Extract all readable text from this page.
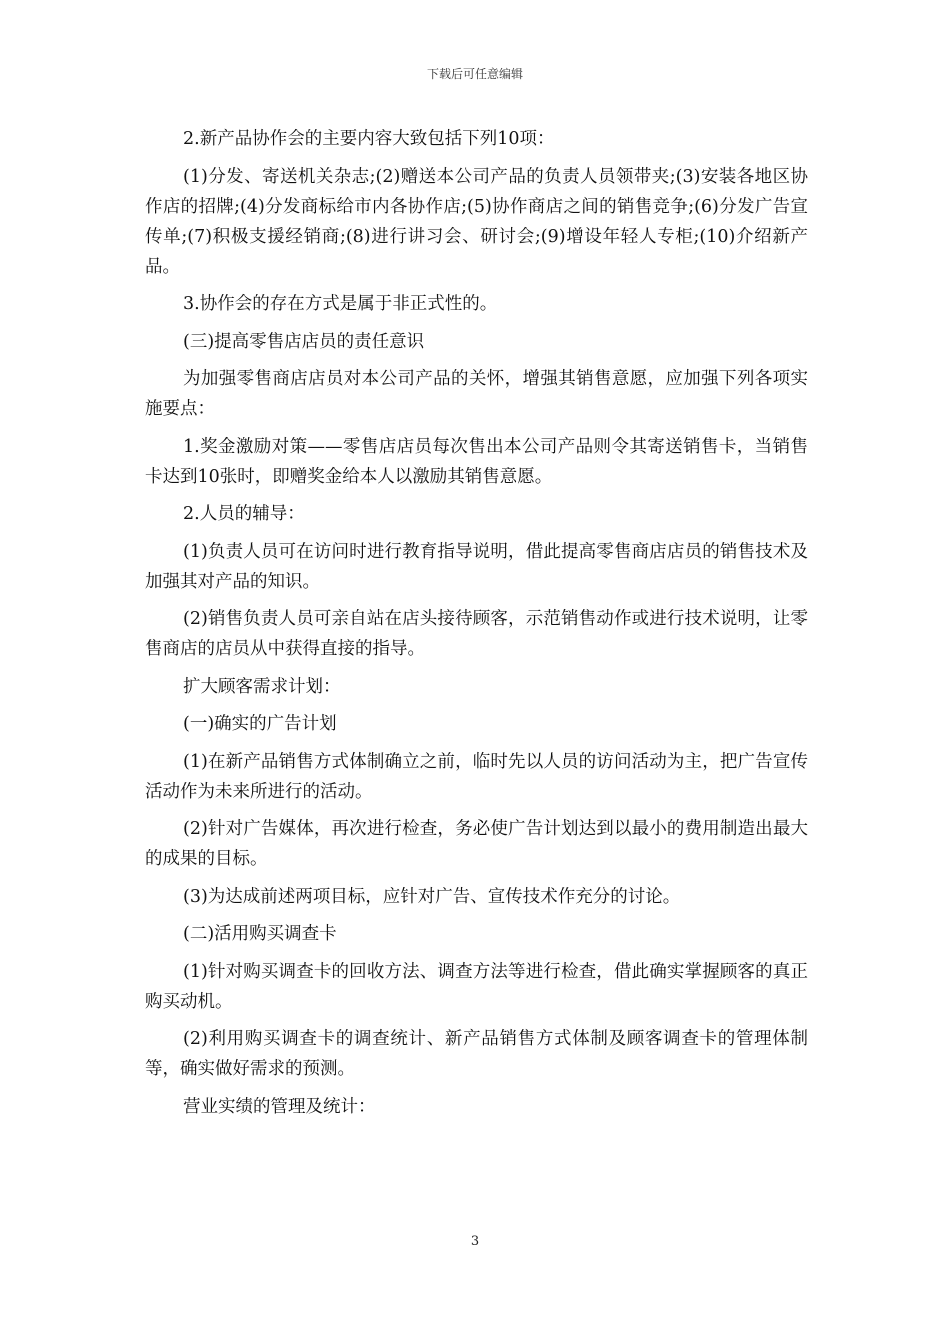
下载后可任意编辑

2.新产品协作会的主要内容大致包括下列10项：

(1)分发、寄送机关杂志;(2)赠送本公司产品的负责人员领带夹;(3)安装各地区协作店的招牌;(4)分发商标给市内各协作店;(5)协作商店之间的销售竞争;(6)分发广告宣传单;(7)积极支援经销商;(8)进行讲习会、研讨会;(9)增设年轻人专柜;(10)介绍新产品。

3.协作会的存在方式是属于非正式性的。

(三)提高零售店店员的责任意识

为加强零售商店店员对本公司产品的关怀，增强其销售意愿，应加强下列各项实施要点：

1.奖金激励对策——零售店店员每次售出本公司产品则令其寄送销售卡，当销售卡达到10张时，即赠奖金给本人以激励其销售意愿。

2.人员的辅导：

(1)负责人员可在访问时进行教育指导说明，借此提高零售商店店员的销售技术及加强其对产品的知识。

(2)销售负责人员可亲自站在店头接待顾客，示范销售动作或进行技术说明，让零售商店的店员从中获得直接的指导。

扩大顾客需求计划：

(一)确实的广告计划

(1)在新产品销售方式体制确立之前，临时先以人员的访问活动为主，把广告宣传活动作为未来所进行的活动。

(2)针对广告媒体，再次进行检查，务必使广告计划达到以最小的费用制造出最大的成果的目标。

(3)为达成前述两项目标，应针对广告、宣传技术作充分的讨论。

(二)活用购买调查卡

(1)针对购买调查卡的回收方法、调查方法等进行检查，借此确实掌握顾客的真正购买动机。

(2)利用购买调查卡的调查统计、新产品销售方式体制及顾客调查卡的管理体制等，确实做好需求的预测。

营业实绩的管理及统计：

3
